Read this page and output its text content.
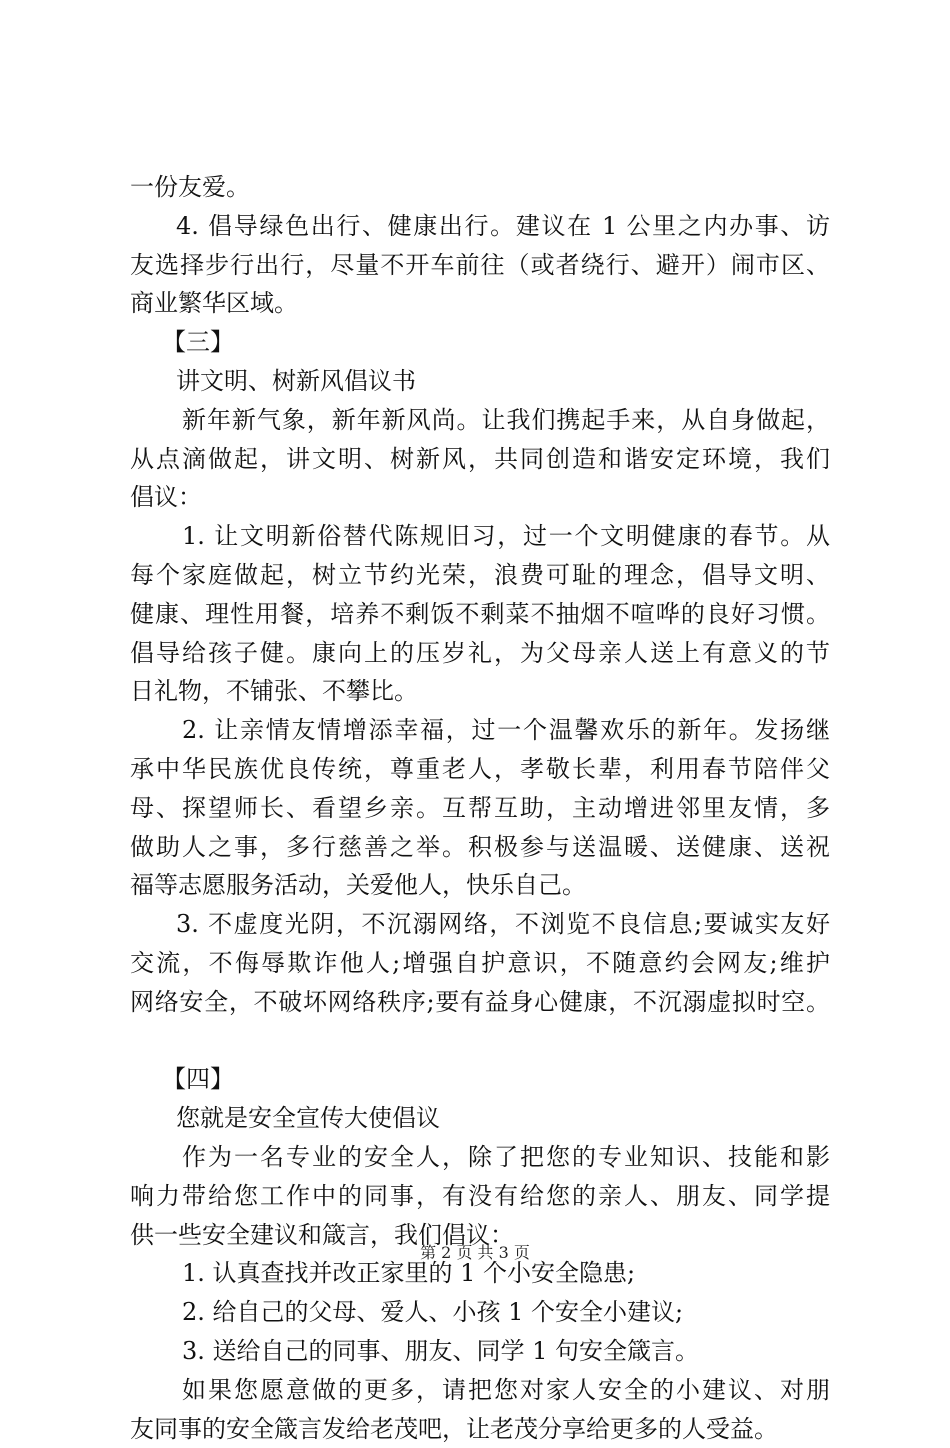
一份友爱。
4. 倡导绿色出行、健康出行。建议在 1 公里之内办事、访
友选择步行出行，尽量不开车前往（或者绕行、避开）闹市区、
商业繁华区域。
【三】
讲文明、树新风倡议书
新年新气象，新年新风尚。让我们携起手来，从自身做起，
从点滴做起，讲文明、树新风，共同创造和谐安定环境，我们
倡议：
1. 让文明新俗替代陈规旧习，过一个文明健康的春节。从
每个家庭做起，树立节约光荣，浪费可耻的理念，倡导文明、
健康、理性用餐，培养不剩饭不剩菜不抽烟不喧哗的良好习惯。
倡导给孩子健。康向上的压岁礼，为父母亲人送上有意义的节
日礼物，不铺张、不攀比。
2. 让亲情友情增添幸福，过一个温馨欢乐的新年。发扬继
承中华民族优良传统，尊重老人，孝敬长辈，利用春节陪伴父
母、探望师长、看望乡亲。互帮互助，主动增进邻里友情，多
做助人之事，多行慈善之举。积极参与送温暖、送健康、送祝
福等志愿服务活动，关爱他人，快乐自己。
3. 不虚度光阴，不沉溺网络，不浏览不良信息;要诚实友好
交流，不侮辱欺诈他人;增强自护意识，不随意约会网友;维护
网络安全，不破坏网络秩序;要有益身心健康，不沉溺虚拟时空。
【四】
您就是安全宣传大使倡议
作为一名专业的安全人，除了把您的专业知识、技能和影
响力带给您工作中的同事，有没有给您的亲人、朋友、同学提
供一些安全建议和箴言，我们倡议：
1. 认真查找并改正家里的 1 个小安全隐患;
2. 给自己的父母、爱人、小孩 1 个安全小建议;
3. 送给自己的同事、朋友、同学 1 句安全箴言。
如果您愿意做的更多，请把您对家人安全的小建议、对朋
友同事的安全箴言发给老茂吧，让老茂分享给更多的人受益。
第 2 页 共 3 页
